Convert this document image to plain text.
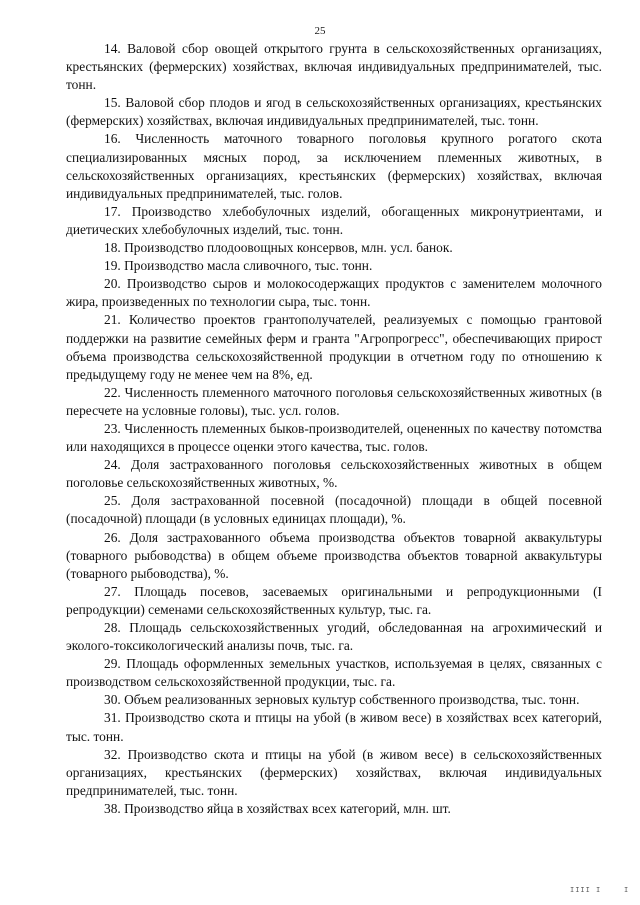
25

14. Валовой сбор овощей открытого грунта в сельскохозяйственных организациях, крестьянских (фермерских) хозяйствах, включая индивидуальных предпринимателей, тыс. тонн.

15. Валовой сбор плодов и ягод в сельскохозяйственных организациях, крестьянских (фермерских) хозяйствах, включая индивидуальных предпринимателей, тыс. тонн.

16. Численность маточного товарного поголовья крупного рогатого скота специализированных мясных пород, за исключением племенных животных, в сельскохозяйственных организациях, крестьянских (фермерских) хозяйствах, включая индивидуальных предпринимателей, тыс. голов.

17. Производство хлебобулочных изделий, обогащенных микронутриентами, и диетических хлебобулочных изделий, тыс. тонн.

18. Производство плодоовощных консервов, млн. усл. банок.

19. Производство масла сливочного, тыс. тонн.

20. Производство сыров и молокосодержащих продуктов с заменителем молочного жира, произведенных по технологии сыра, тыс. тонн.

21. Количество проектов грантополучателей, реализуемых с помощью грантовой поддержки на развитие семейных ферм и гранта "Агропрогресс", обеспечивающих прирост объема производства сельскохозяйственной продукции в отчетном году по отношению к предыдущему году не менее чем на 8%, ед.

22. Численность племенного маточного поголовья сельскохозяйственных животных (в пересчете на условные головы), тыс. усл. голов.

23. Численность племенных быков-производителей, оцененных по качеству потомства или находящихся в процессе оценки этого качества, тыс. голов.

24. Доля застрахованного поголовья сельскохозяйственных животных в общем поголовье сельскохозяйственных животных, %.

25. Доля застрахованной посевной (посадочной) площади в общей посевной (посадочной) площади (в условных единицах площади), %.

26. Доля застрахованного объема производства объектов товарной аквакультуры (товарного рыбоводства) в общем объеме производства объектов товарной аквакультуры (товарного рыбоводства), %.

27. Площадь посевов, засеваемых оригинальными и репродукционными (I репродукции) семенами сельскохозяйственных культур, тыс. га.

28. Площадь сельскохозяйственных угодий, обследованная на агрохимический и эколого-токсикологический анализы почв, тыс. га.

29. Площадь оформленных земельных участков, используемая в целях, связанных с производством сельскохозяйственной продукции, тыс. га.

30. Объем реализованных зерновых культур собственного производства, тыс. тонн.

31. Производство скота и птицы на убой (в живом весе) в хозяйствах всех категорий, тыс. тонн.

32. Производство скота и птицы на убой (в живом весе) в сельскохозяйственных организациях, крестьянских (фермерских) хозяйствах, включая индивидуальных предпринимателей, тыс. тонн.

38. Производство яйца в хозяйствах всех категорий, млн. шт.

IIII I	I
